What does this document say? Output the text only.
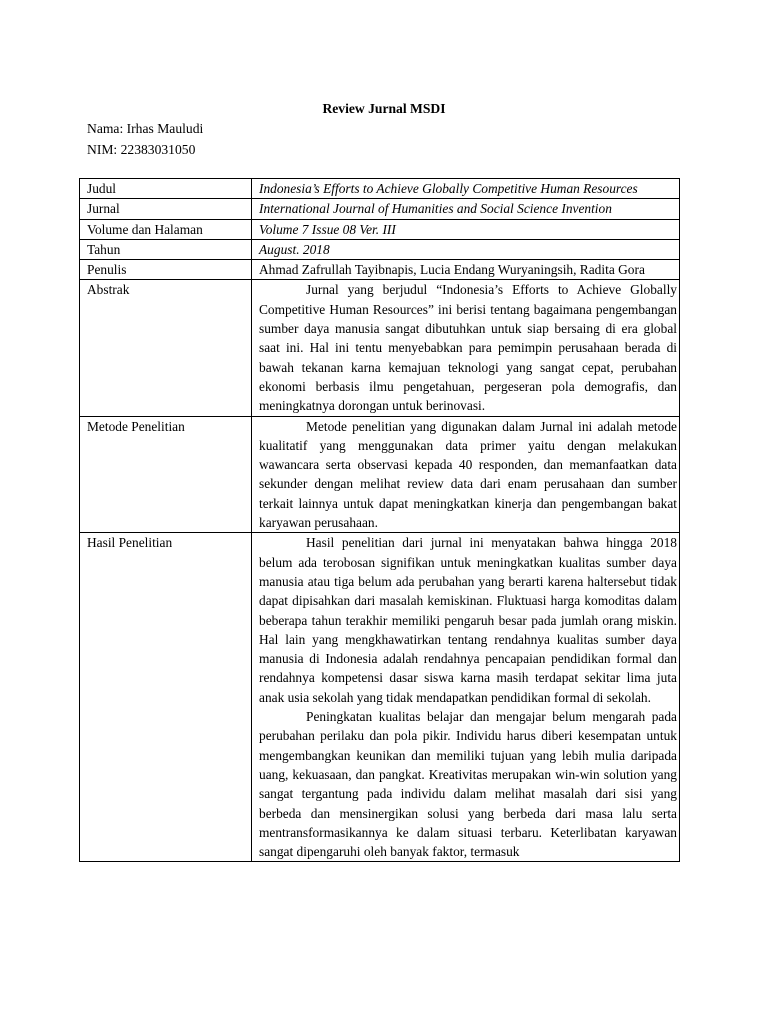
Review Jurnal MSDI
Nama: Irhas Mauludi
NIM: 22383031050
Judul	Indonesia’s Efforts to Achieve Globally Competitive Human Resources
Jurnal	International Journal of Humanities and Social Science Invention
Volume dan Halaman	Volume 7 Issue 08 Ver. III
Tahun	August. 2018
Penulis	Ahmad Zafrullah Tayibnapis, Lucia Endang Wuryaningsih, Radita Gora
Abstrak	Jurnal yang berjudul “Indonesia’s Efforts to Achieve Globally Competitive Human Resources” ini berisi tentang bagaimana pengembangan sumber daya manusia sangat dibutuhkan untuk siap bersaing di era global saat ini. Hal ini tentu menyebabkan para pemimpin perusahaan berada di bawah tekanan karna kemajuan teknologi yang sangat cepat, perubahan ekonomi berbasis ilmu pengetahuan, pergeseran pola demografis, dan meningkatnya dorongan untuk berinovasi.

Metode Penelitian	Metode penelitian yang digunakan dalam Jurnal ini adalah metode kualitatif yang menggunakan data primer yaitu dengan melakukan wawancara serta observasi kepada 40 responden, dan memanfaatkan data sekunder dengan melihat review data dari enam perusahaan dan sumber terkait lainnya untuk dapat meningkatkan kinerja dan pengembangan bakat karyawan perusahaan.

Hasil Penelitian	Hasil penelitian dari jurnal ini menyatakan bahwa hingga 2018 belum ada terobosan signifikan untuk meningkatkan kualitas sumber daya manusia atau tiga belum ada perubahan yang berarti karena haltersebut tidak dapat dipisahkan dari masalah kemiskinan. Fluktuasi harga komoditas dalam beberapa tahun terakhir memiliki pengaruh besar pada jumlah orang miskin. Hal lain yang mengkhawatirkan tentang rendahnya kualitas sumber daya manusia di Indonesia adalah rendahnya pencapaian pendidikan formal dan rendahnya kompetensi dasar siswa karna masih terdapat sekitar lima juta anak usia sekolah yang tidak mendapatkan pendidikan formal di sekolah.

Peningkatan kualitas belajar dan mengajar belum mengarah pada perubahan perilaku dan pola pikir. Individu harus diberi kesempatan untuk mengembangkan keunikan dan memiliki tujuan yang lebih mulia daripada uang, kekuasaan, dan pangkat. Kreativitas merupakan win-win solution yang sangat tergantung pada individu dalam melihat masalah dari sisi yang berbeda dan mensinergikan solusi yang berbeda dari masa lalu serta mentransformasikannya ke dalam situasi terbaru. Keterlibatan karyawan sangat dipengaruhi oleh banyak faktor, termasuk
